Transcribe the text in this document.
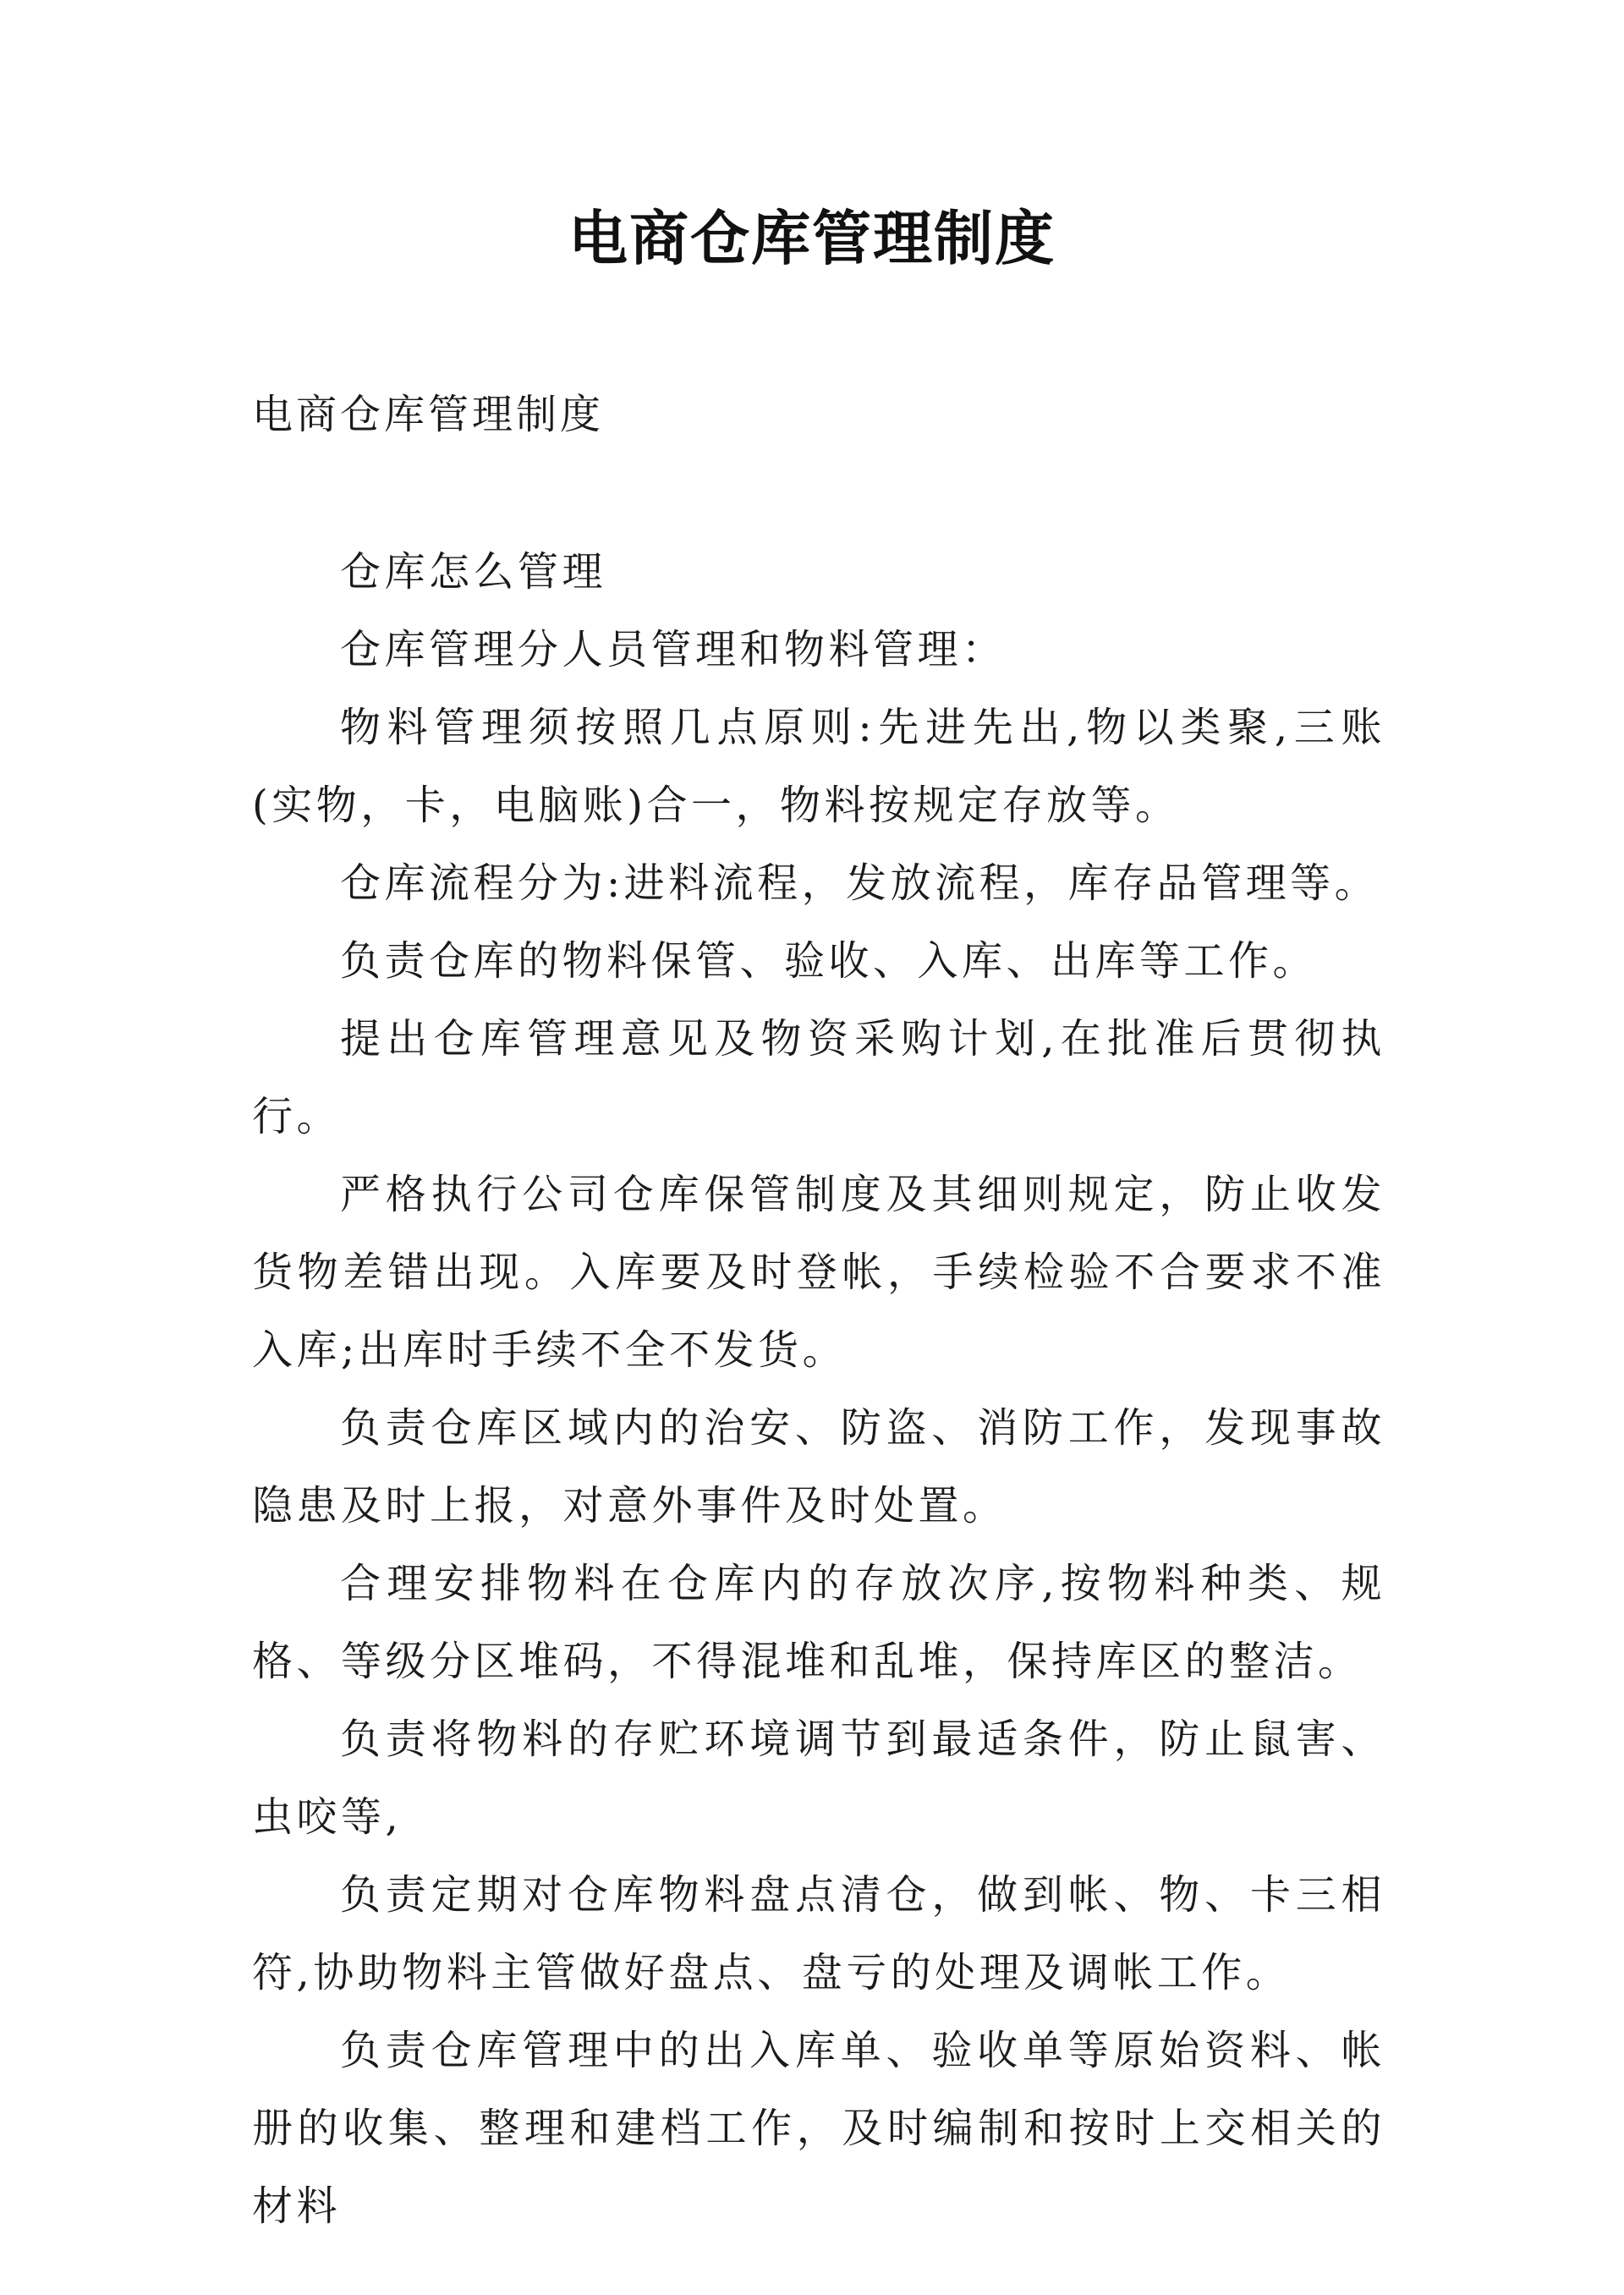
电商仓库管理制度
电商仓库管理制度

仓库怎么管理

仓库管理分人员管理和物料管理：

物料管理须按照几点原则:先进先出,物以类聚,三账(实物，卡，电脑账)合一，物料按规定存放等。

仓库流程分为:进料流程，发放流程，库存品管理等。

负责仓库的物料保管、验收、入库、出库等工作。

提出仓库管理意见及物资采购计划,在批准后贯彻执行。

严格执行公司仓库保管制度及其细则规定，防止收发货物差错出现。入库要及时登帐，手续检验不合要求不准入库;出库时手续不全不发货。

负责仓库区域内的治安、防盗、消防工作，发现事故隐患及时上报，对意外事件及时处置。

合理安排物料在仓库内的存放次序,按物料种类、规格、等级分区堆码，不得混堆和乱堆，保持库区的整洁。

负责将物料的存贮环境调节到最适条件，防止鼠害、虫咬等,

负责定期对仓库物料盘点清仓，做到帐、物、卡三相符,协助物料主管做好盘点、盘亏的处理及调帐工作。

负责仓库管理中的出入库单、验收单等原始资料、帐册的收集、整理和建档工作，及时编制和按时上交相关的材料
